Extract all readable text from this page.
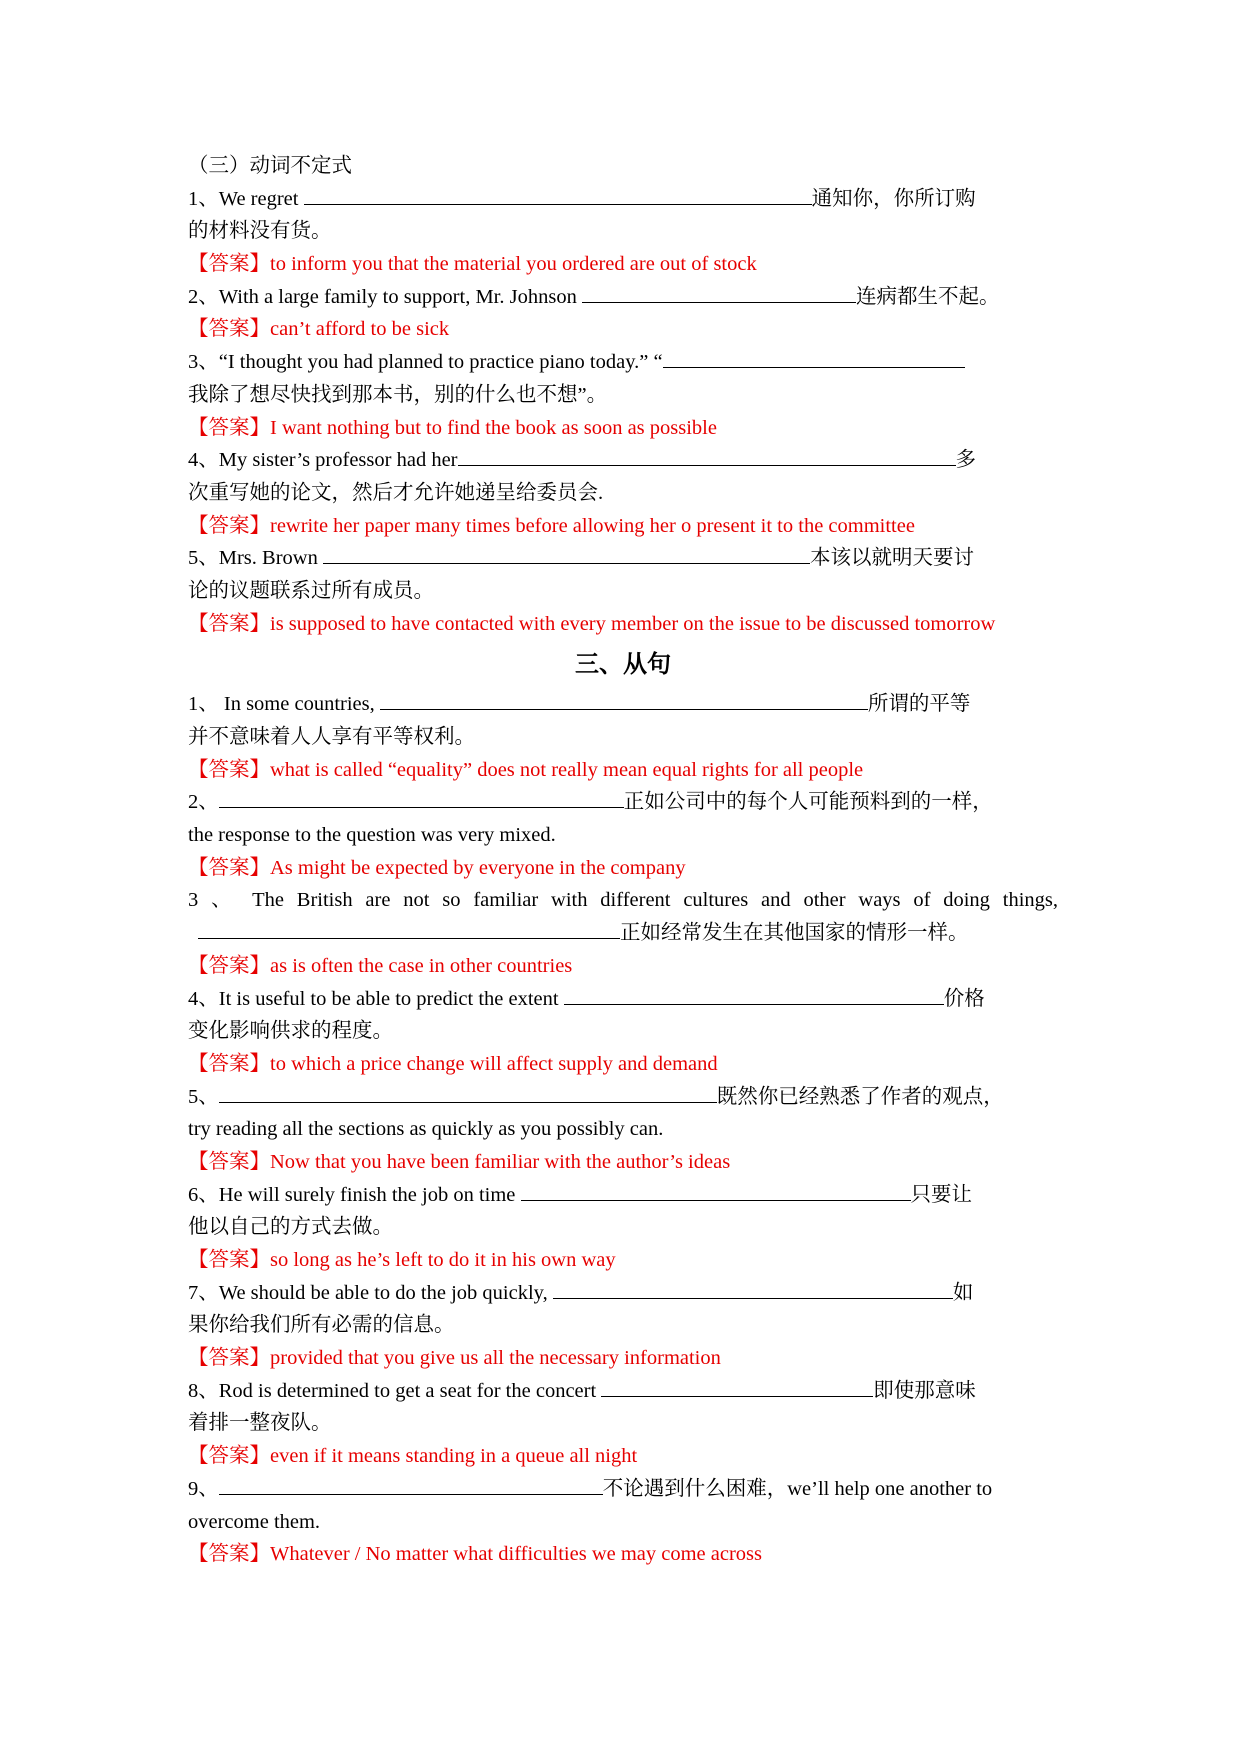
（三）动词不定式
1、We regret	通知你，你所订购
的材料没有货。
【答案】to inform you that the material you ordered are out of stock
2、With a large family to support, Mr. Johnson	连病都生不起。
【答案】can’t afford to be sick
3、“I thought you had planned to practice piano today.” “
我除了想尽快找到那本书，别的什么也不想”。
【答案】I want nothing but to find the book as soon as possible
4、My sister’s professor had her	多
次重写她的论文，然后才允许她递呈给委员会.
【答案】rewrite her paper many times before allowing her o present it to the committee
5、Mrs. Brown	本该以就明天要讨
论的议题联系过所有成员。
【答案】is supposed to have contacted with every member on the issue to be discussed tomorrow
三、从句
1、 In some countries,	所谓的平等
并不意味着人人享有平等权利。
【答案】what is called “equality” does not really mean equal rights for all people
2、	正如公司中的每个人可能预料到的一样，
the response to the question was very mixed.
【答案】As might be expected by everyone in the company
3 、 The British are not so familiar with different cultures and other ways of doing things,
正如经常发生在其他国家的情形一样。
【答案】as is often the case in other countries
4、It is useful to be able to predict the extent	价格
变化影响供求的程度。
【答案】to which a price change will affect supply and demand
5、	既然你已经熟悉了作者的观点，
try reading all the sections as quickly as you possibly can.
【答案】Now that you have been familiar with the author’s ideas
6、He will surely finish the job on time	只要让
他以自己的方式去做。
【答案】so long as he’s left to do it in his own way
7、We should be able to do the job quickly,	如
果你给我们所有必需的信息。
【答案】provided that you give us all the necessary information
8、Rod is determined to get a seat for the concert	即使那意味
着排一整夜队。
【答案】even if it means standing in a queue all night
9、	不论遇到什么困难，we’ll help one another to
overcome them.
【答案】Whatever / No matter what difficulties we may come across
